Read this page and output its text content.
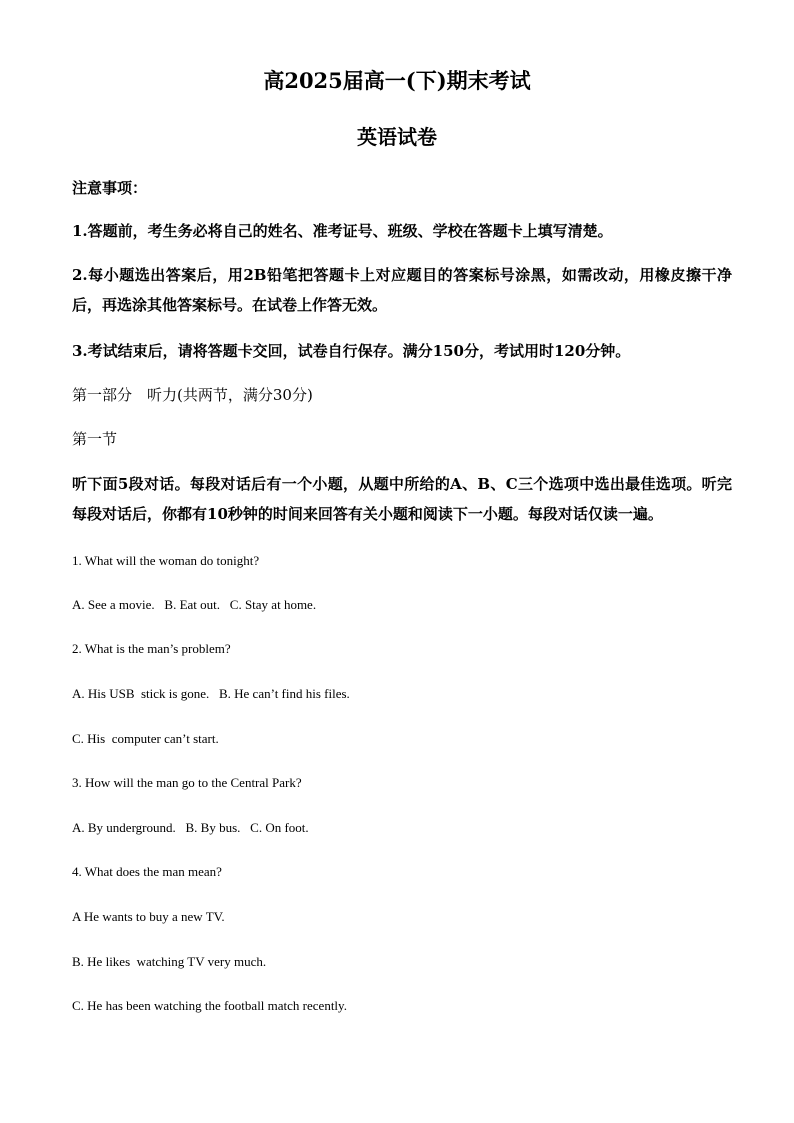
高2025届高一(下)期末考试
英语试卷

注意事项：

1.答题前，考生务必将自己的姓名、准考证号、班级、学校在答题卡上填写清楚。

2.每小题选出答案后，用2B铅笔把答题卡上对应题目的答案标号涂黑，如需改动，用橡皮擦干净后，再选涂其他答案标号。在试卷上作答无效。

3.考试结束后，请将答题卡交回，试卷自行保存。满分150分，考试用时120分钟。

第一部分　听力(共两节，满分30分)

第一节

听下面5段对话。每段对话后有一个小题，从题中所给的A、B、C三个选项中选出最佳选项。听完每段对话后，你都有10秒钟的时间来回答有关小题和阅读下一小题。每段对话仅读一遍。

1. What will the woman do tonight?

A. See a movie.   B. Eat out.   C. Stay at home.

2. What is the man’s problem?

A. His USB  stick is gone.   B. He can’t find his files.

C. His  computer can’t start.

3. How will the man go to the Central Park?

A. By underground.   B. By bus.   C. On foot.

4. What does the man mean?

A He wants to buy a new TV.

B. He likes  watching TV very much.

C. He has been watching the football match recently.
